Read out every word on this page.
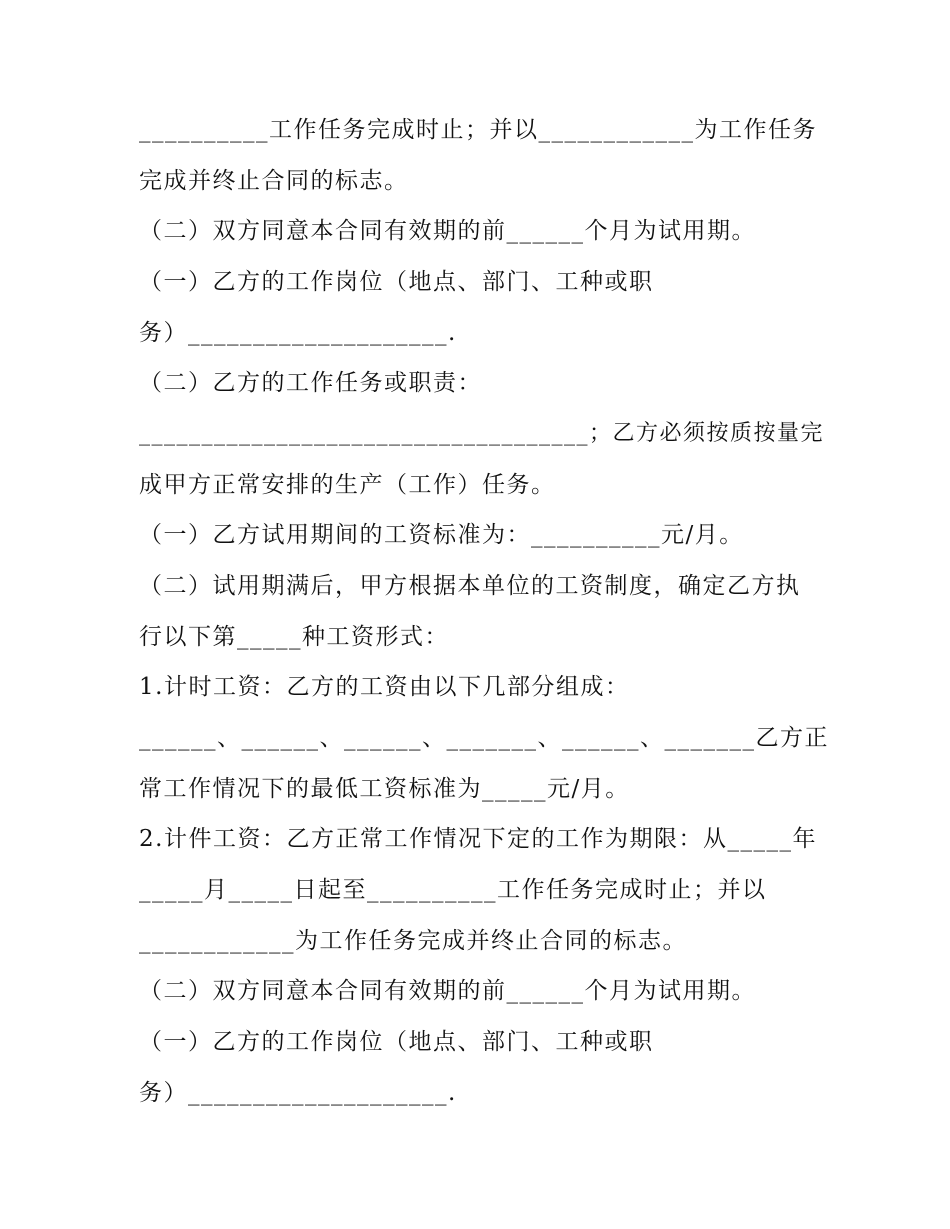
__________工作任务完成时止；并以____________为工作任务
完成并终止合同的标志。
（二）双方同意本合同有效期的前______个月为试用期。
（一）乙方的工作岗位（地点、部门、工种或职
务）____________________.
（二）乙方的工作任务或职责：
____________________________________；乙方必须按质按量完
成甲方正常安排的生产（工作）任务。
（一）乙方试用期间的工资标准为：__________元/月。
（二）试用期满后，甲方根据本单位的工资制度，确定乙方执
行以下第_____种工资形式：
1.计时工资：乙方的工资由以下几部分组成：
______、______、______、_______、______、_______乙方正
常工作情况下的最低工资标准为_____元/月。
2.计件工资：乙方正常工作情况下定的工作为期限：从_____年
_____月_____日起至__________工作任务完成时止；并以
____________为工作任务完成并终止合同的标志。
（二）双方同意本合同有效期的前______个月为试用期。
（一）乙方的工作岗位（地点、部门、工种或职
务）____________________.
